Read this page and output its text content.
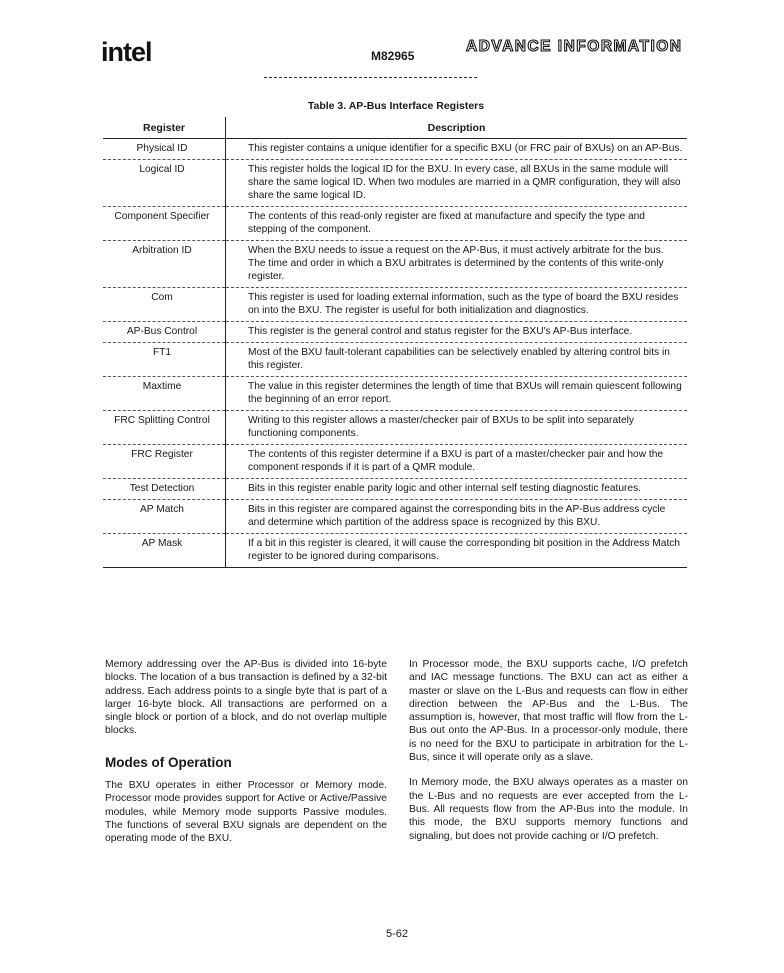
intel	M82965
ADVANCE INFORMATION
Table 3. AP-Bus Interface Registers
Register	Description
Physical ID	This register contains a unique identifier for a specific BXU (or FRC pair of BXUs) on an AP-Bus.
Logical ID	This register holds the logical ID for the BXU. In every case, all BXUs in the same module will share the same logical ID. When two modules are married in a QMR configuration, they will also share the same logical ID.
Component Specifier	The contents of this read-only register are fixed at manufacture and specify the type and stepping of the component.
Arbitration ID	When the BXU needs to issue a request on the AP-Bus, it must actively arbitrate for the bus. The time and order in which a BXU arbitrates is determined by the contents of this write-only register.
Com	This register is used for loading external information, such as the type of board the BXU resides on into the BXU. The register is useful for both initialization and diagnostics.
AP-Bus Control	This register is the general control and status register for the BXU's AP-Bus interface.
FT1	Most of the BXU fault-tolerant capabilities can be selectively enabled by altering control bits in this register.
Maxtime	The value in this register determines the length of time that BXUs will remain quiescent following the beginning of an error report.
FRC Splitting Control	Writing to this register allows a master/checker pair of BXUs to be split into separately functioning components.
FRC Register	The contents of this register determine if a BXU is part of a master/checker pair and how the component responds if it is part of a QMR module.
Test Detection	Bits in this register enable parity logic and other internal self testing diagnostic features.
AP Match	Bits in this register are compared against the corresponding bits in the AP-Bus address cycle and determine which partition of the address space is recognized by this BXU.
AP Mask	If a bit in this register is cleared, it will cause the corresponding bit position in the Address Match register to be ignored during comparisons.

Memory addressing over the AP-Bus is divided into 16-byte blocks. The location of a bus transaction is defined by a 32-bit address. Each address points to a single byte that is part of a larger 16-byte block. All transactions are performed on a single block or portion of a block, and do not overlap multiple blocks.

Modes of Operation

The BXU operates in either Processor or Memory mode. Processor mode provides support for Active or Active/Passive modules, while Memory mode supports Passive modules. The functions of several BXU signals are dependent on the operating mode of the BXU.

In Processor mode, the BXU supports cache, I/O prefetch and IAC message functions. The BXU can act as either a master or slave on the L-Bus and requests can flow in either direction between the AP-Bus and the L-Bus. The assumption is, however, that most traffic will flow from the L-Bus out onto the AP-Bus. In a processor-only module, there is no need for the BXU to participate in arbitration for the L-Bus, since it will operate only as a slave.

In Memory mode, the BXU always operates as a master on the L-Bus and no requests are ever accepted from the L-Bus. All requests flow from the AP-Bus into the module. In this mode, the BXU supports memory functions and signaling, but does not provide caching or I/O prefetch.

5-62
